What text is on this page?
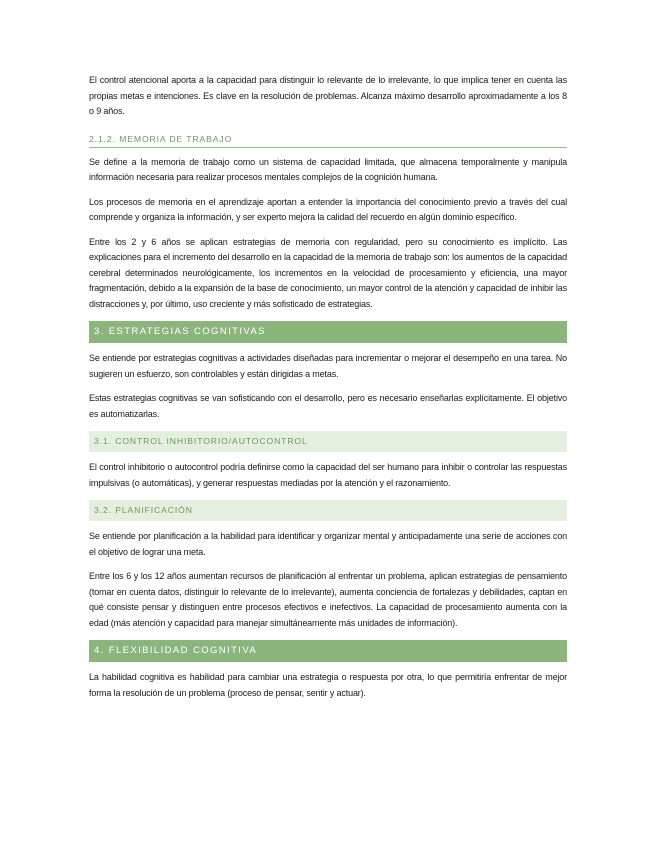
El control atencional aporta a la capacidad para distinguir lo relevante de lo irrelevante, lo que implica tener en cuenta las propias metas e intenciones. Es clave en la resolución de problemas. Alcanza máximo desarrollo aproximadamente a los 8 o 9 años.

2.1.2. MEMORIA DE TRABAJO

Se define a la memoria de trabajo como un sistema de capacidad limitada, que almacena temporalmente y manipula información necesaria para realizar procesos mentales complejos de la cognición humana.

Los procesos de memoria en el aprendizaje aportan a entender la importancia del conocimiento previo a través del cual comprende y organiza la información, y ser experto mejora la calidad del recuerdo en algún dominio específico.

Entre los 2 y 6 años se aplican estrategias de memoria con regularidad, pero su conocimiento es implícito. Las explicaciones para el incremento del desarrollo en la capacidad de la memoria de trabajo son: los aumentos de la capacidad cerebral determinados neurológicamente, los incrementos en la velocidad de procesamiento y eficiencia, una mayor fragmentación, debido a la expansión de la base de conocimiento, un mayor control de la atención y capacidad de inhibir las distracciones y, por último, uso creciente y más sofisticado de estrategias.

3. ESTRATEGIAS COGNITIVAS

Se entiende por estrategias cognitivas a actividades diseñadas para incrementar o mejorar el desempeño en una tarea. No sugieren un esfuerzo, son controlables y están dirigidas a metas.

Estas estrategias cognitivas se van sofisticando con el desarrollo, pero es necesario enseñarlas explícitamente. El objetivo es automatizarlas.

3.1. CONTROL INHIBITORIO/AUTOCONTROL

El control inhibitorio o autocontrol podría definirse como la capacidad del ser humano para inhibir o controlar las respuestas impulsivas (o automáticas), y generar respuestas mediadas por la atención y el razonamiento.

3.2. PLANIFICACIÓN

Se entiende por planificación a la habilidad para identificar y organizar mental y anticipadamente una serie de acciones con el objetivo de lograr una meta.

Entre los 6 y los 12 años aumentan recursos de planificación al enfrentar un problema, aplican estrategias de pensamiento (tomar en cuenta datos, distinguir lo relevante de lo irrelevante), aumenta conciencia de fortalezas y debilidades, captan en qué consiste pensar y distinguen entre procesos efectivos e inefectivos. La capacidad de procesamiento aumenta con la edad (más atención y capacidad para manejar simultáneamente más unidades de información).

4. FLEXIBILIDAD COGNITIVA

La habilidad cognitiva es habilidad para cambiar una estrategia o respuesta por otra, lo que permitiría enfrentar de mejor forma la resolución de un problema (proceso de pensar, sentir y actuar).
